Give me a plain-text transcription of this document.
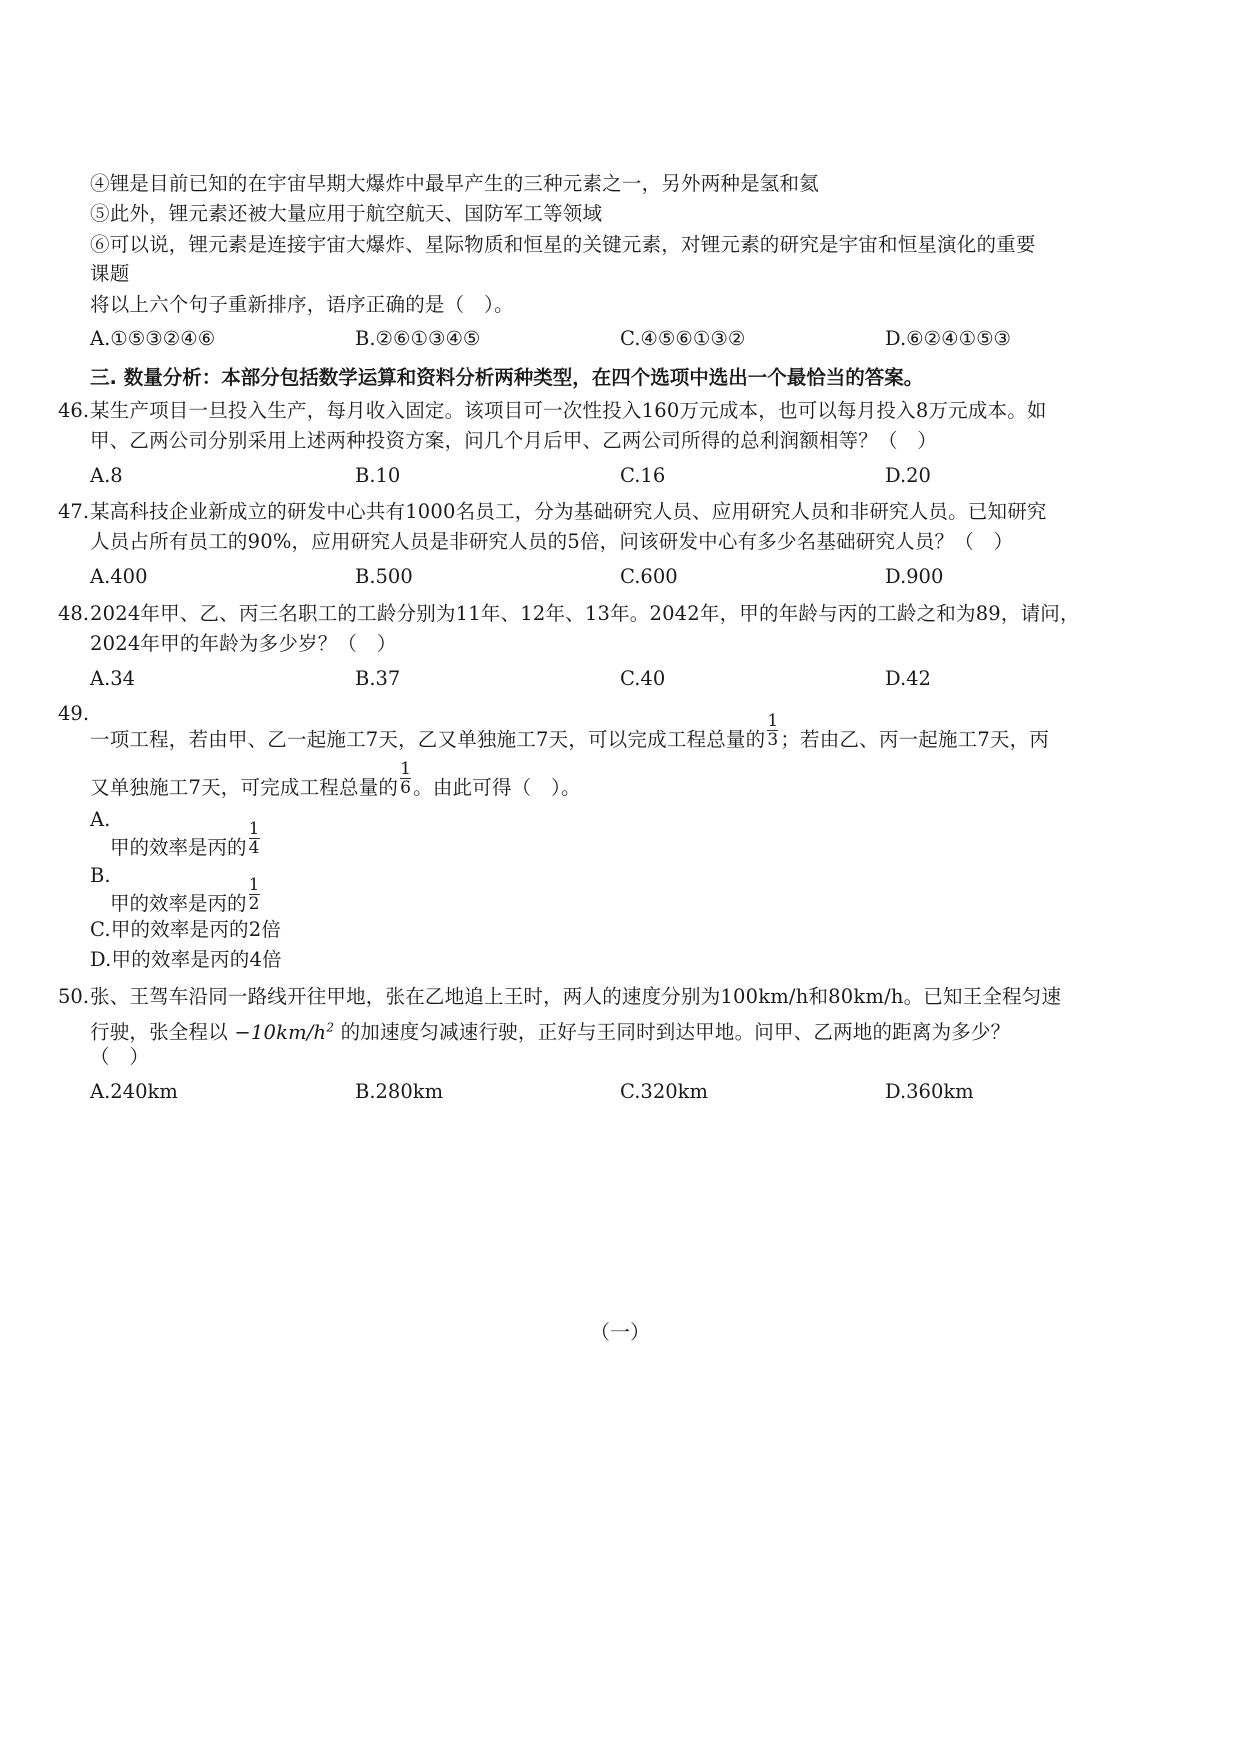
④锂是目前已知的在宇宙早期大爆炸中最早产生的三种元素之一，另外两种是氢和氦
⑤此外，锂元素还被大量应用于航空航天、国防军工等领域
⑥可以说，锂元素是连接宇宙大爆炸、星际物质和恒星的关键元素，对锂元素的研究是宇宙和恒星演化的重要
课题
将以上六个句子重新排序，语序正确的是（　）。
A.①⑤③②④⑥	B.②⑥①③④⑤	C.④⑤⑥①③②	D.⑥②④①⑤③
三. 数量分析：本部分包括数学运算和资料分析两种类型，在四个选项中选出一个最恰当的答案。
46. 某生产项目一旦投入生产，每月收入固定。该项目可一次性投入160万元成本，也可以每月投入8万元成本。如
甲、乙两公司分别采用上述两种投资方案，问几个月后甲、乙两公司所得的总利润额相等？（　）
A.8	B.10	C.16	D.20
47. 某高科技企业新成立的研发中心共有1000名员工，分为基础研究人员、应用研究人员和非研究人员。已知研究
人员占所有员工的90%，应用研究人员是非研究人员的5倍，问该研发中心有多少名基础研究人员？（　）
A.400	B.500	C.600	D.900
48. 2024年甲、乙、丙三名职工的工龄分别为11年、12年、13年。2042年，甲的年龄与丙的工龄之和为89，请问，
2024年甲的年龄为多少岁？（　）
A.34	B.37	C.40	D.42
49.
一项工程，若由甲、乙一起施工7天，乙又单独施工7天，可以完成工程总量的 $\frac{1}{3}$ ；若由乙、丙一起施工7天，丙
又单独施工7天，可完成工程总量的 $\frac{1}{6}$ 。由此可得（　）。
A.
甲的效率是丙的 $\frac{1}{4}$
B.
甲的效率是丙的 $\frac{1}{2}$
C.甲的效率是丙的2倍
D.甲的效率是丙的4倍
50. 张、王驾车沿同一路线开往甲地，张在乙地追上王时，两人的速度分别为100km/h和80km/h。已知王全程匀速
行驶，张全程以 $-10km/h^2$ 的加速度匀减速行驶，正好与王同时到达甲地。问甲、乙两地的距离为多少？
（　）
A.240km	B.280km	C.320km	D.360km
（一）
